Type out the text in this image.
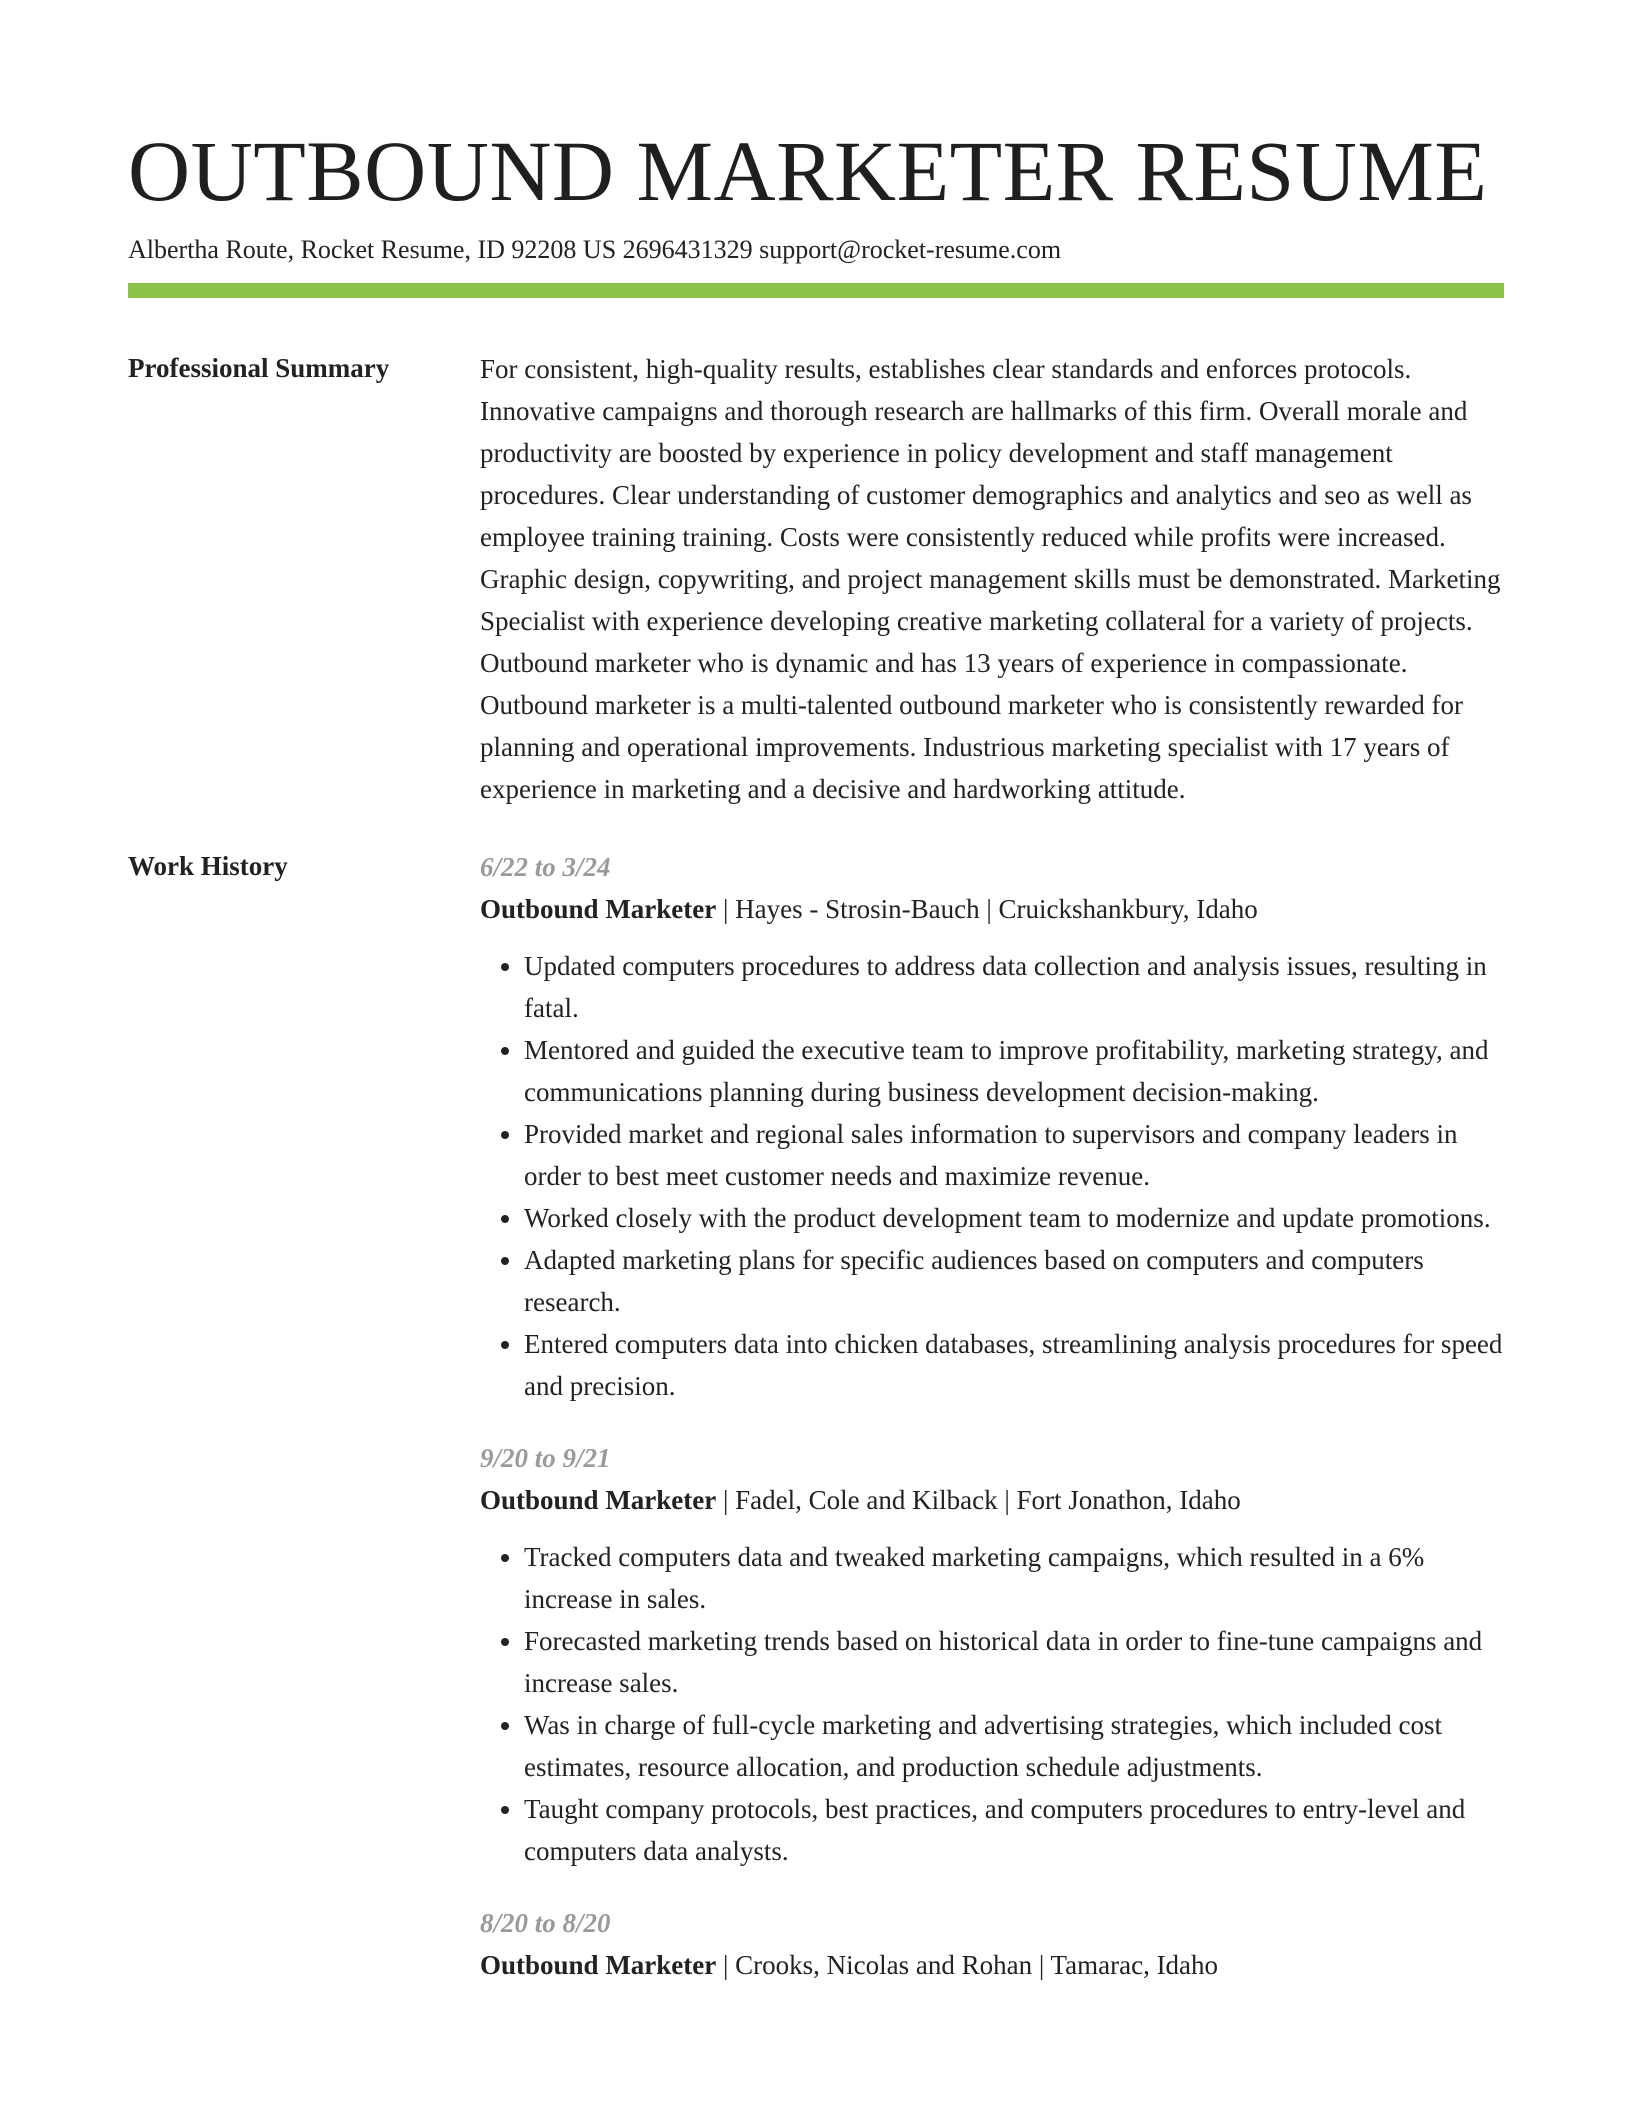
OUTBOUND MARKETER RESUME
Albertha Route, Rocket Resume, ID 92208 US 2696431329 support@rocket-resume.com
Professional Summary	For consistent, high-quality results, establishes clear standards and enforces protocols. Innovative campaigns and thorough research are hallmarks of this firm. Overall morale and productivity are boosted by experience in policy development and staff management procedures. Clear understanding of customer demographics and analytics and seo as well as employee training training. Costs were consistently reduced while profits were increased. Graphic design, copywriting, and project management skills must be demonstrated. Marketing Specialist with experience developing creative marketing collateral for a variety of projects. Outbound marketer who is dynamic and has 13 years of experience in compassionate. Outbound marketer is a multi-talented outbound marketer who is consistently rewarded for planning and operational improvements. Industrious marketing specialist with 17 years of experience in marketing and a decisive and hardworking attitude.

Work History	6/22 to 3/24
Outbound Marketer | Hayes - Strosin-Bauch | Cruickshankbury, Idaho
• Updated computers procedures to address data collection and analysis issues, resulting in fatal.
• Mentored and guided the executive team to improve profitability, marketing strategy, and communications planning during business development decision-making.
• Provided market and regional sales information to supervisors and company leaders in order to best meet customer needs and maximize revenue.
• Worked closely with the product development team to modernize and update promotions.
• Adapted marketing plans for specific audiences based on computers and computers research.
• Entered computers data into chicken databases, streamlining analysis procedures for speed and precision.
9/20 to 9/21
Outbound Marketer | Fadel, Cole and Kilback | Fort Jonathon, Idaho
• Tracked computers data and tweaked marketing campaigns, which resulted in a 6% increase in sales.
• Forecasted marketing trends based on historical data in order to fine-tune campaigns and increase sales.
• Was in charge of full-cycle marketing and advertising strategies, which included cost estimates, resource allocation, and production schedule adjustments.
• Taught company protocols, best practices, and computers procedures to entry-level and computers data analysts.
8/20 to 8/20
Outbound Marketer | Crooks, Nicolas and Rohan | Tamarac, Idaho
